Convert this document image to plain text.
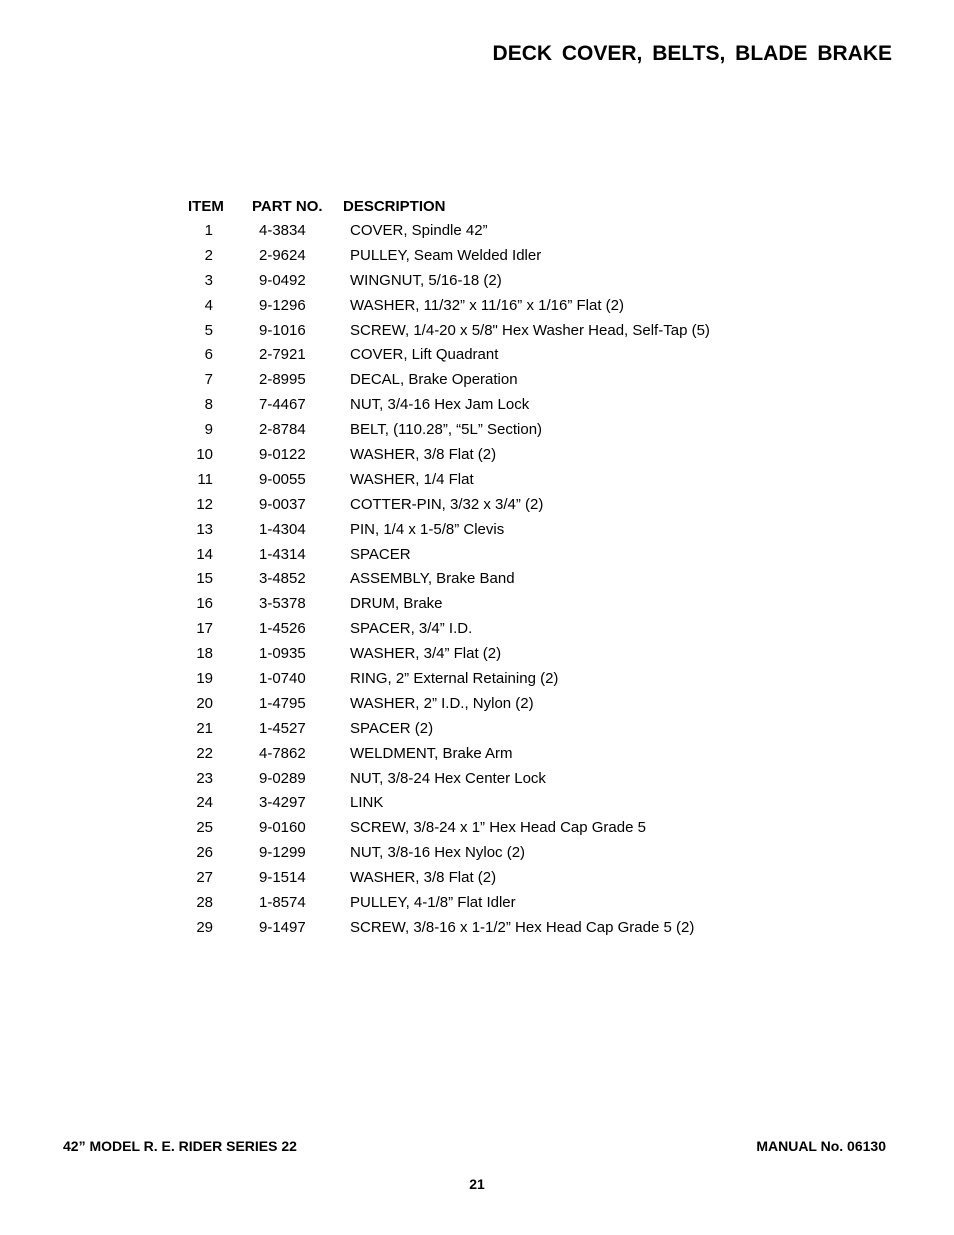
DECK COVER, BELTS, BLADE BRAKE
ITEM PART NO. DESCRIPTION
1	4-3834	COVER, Spindle 42”
2	2-9624	PULLEY, Seam Welded Idler
3	9-0492	WINGNUT, 5/16-18 (2)
4	9-1296	WASHER, 11/32” x 11/16” x 1/16” Flat (2)
5	9-1016	SCREW, 1/4-20 x 5/8" Hex Washer Head, Self-Tap (5)
6	2-7921	COVER, Lift Quadrant
7	2-8995	DECAL, Brake Operation
8	7-4467	NUT, 3/4-16 Hex Jam Lock
9	2-8784	BELT, (110.28”, “5L” Section)
10	9-0122	WASHER, 3/8 Flat (2)
11	9-0055	WASHER, 1/4 Flat
12	9-0037	COTTER-PIN, 3/32 x 3/4” (2)
13	1-4304	PIN, 1/4 x 1-5/8” Clevis
14	1-4314	SPACER
15	3-4852	ASSEMBLY, Brake Band
16	3-5378	DRUM, Brake
17	1-4526	SPACER, 3/4” I.D.
18	1-0935	WASHER, 3/4” Flat (2)
19	1-0740	RING, 2” External Retaining (2)
20	1-4795	WASHER, 2” I.D., Nylon (2)
21	1-4527	SPACER (2)
22	4-7862	WELDMENT, Brake Arm
23	9-0289	NUT, 3/8-24 Hex Center Lock
24	3-4297	LINK
25	9-0160	SCREW, 3/8-24 x 1” Hex Head Cap Grade 5
26	9-1299	NUT, 3/8-16 Hex Nyloc (2)
27	9-1514	WASHER, 3/8 Flat (2)
28	1-8574	PULLEY, 4-1/8” Flat Idler
29	9-1497	SCREW, 3/8-16 x 1-1/2” Hex Head Cap Grade 5 (2)
42” MODEL R. E. RIDER SERIES 22	MANUAL No. 06130
21
